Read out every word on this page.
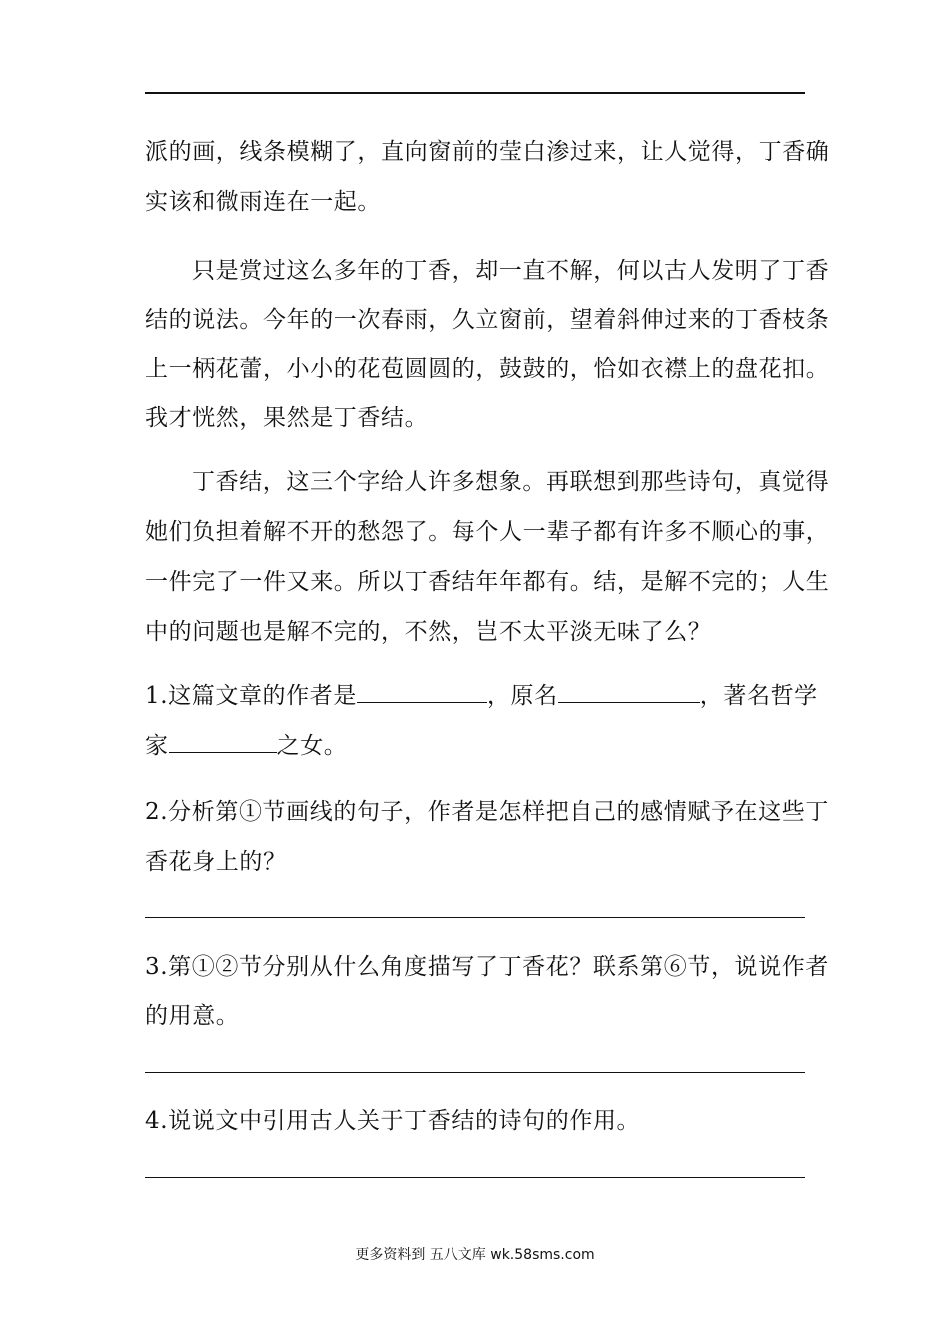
派的画，线条模糊了，直向窗前的莹白渗过来，让人觉得，丁香确
实该和微雨连在一起。
只是赏过这么多年的丁香，却一直不解，何以古人发明了丁香
结的说法。今年的一次春雨，久立窗前，望着斜伸过来的丁香枝条
上一柄花蕾，小小的花苞圆圆的，鼓鼓的，恰如衣襟上的盘花扣。
我才恍然，果然是丁香结。
丁香结，这三个字给人许多想象。再联想到那些诗句，真觉得
她们负担着解不开的愁怨了。每个人一辈子都有许多不顺心的事，
一件完了一件又来。所以丁香结年年都有。结，是解不完的；人生
中的问题也是解不完的，不然，岂不太平淡无味了么？
1.这篇文章的作者是	，原名	，著名哲学
家	之女。
2.分析第①节画线的句子，作者是怎样把自己的感情赋予在这些丁
香花身上的？
3.第①②节分别从什么角度描写了丁香花？联系第⑥节，说说作者
的用意。
4.说说文中引用古人关于丁香结的诗句的作用。
更多资料到 五八文库 wk.58sms.com
